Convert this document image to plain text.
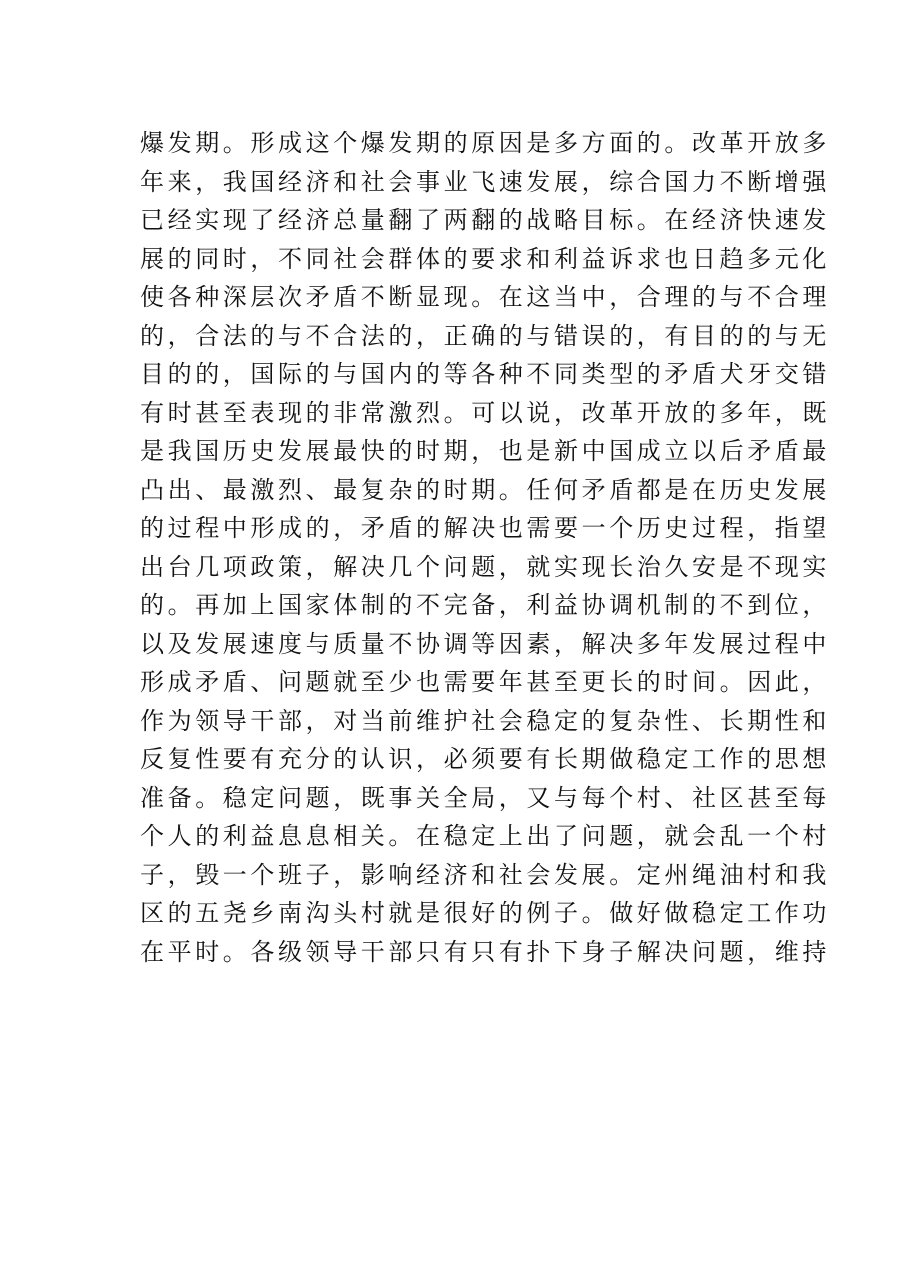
爆发期。形成这个爆发期的原因是多方面的。改革开放多
年来，我国经济和社会事业飞速发展，综合国力不断增强
已经实现了经济总量翻了两翻的战略目标。在经济快速发
展的同时，不同社会群体的要求和利益诉求也日趋多元化
使各种深层次矛盾不断显现。在这当中，合理的与不合理
的，合法的与不合法的，正确的与错误的，有目的的与无
目的的，国际的与国内的等各种不同类型的矛盾犬牙交错
有时甚至表现的非常激烈。可以说，改革开放的多年，既
是我国历史发展最快的时期，也是新中国成立以后矛盾最
凸出、最激烈、最复杂的时期。任何矛盾都是在历史发展
的过程中形成的，矛盾的解决也需要一个历史过程，指望
出台几项政策，解决几个问题，就实现长治久安是不现实
的。再加上国家体制的不完备，利益协调机制的不到位，
以及发展速度与质量不协调等因素，解决多年发展过程中
形成矛盾、问题就至少也需要年甚至更长的时间。因此，
作为领导干部，对当前维护社会稳定的复杂性、长期性和
反复性要有充分的认识，必须要有长期做稳定工作的思想
准备。稳定问题，既事关全局，又与每个村、社区甚至每
个人的利益息息相关。在稳定上出了问题，就会乱一个村
子，毁一个班子，影响经济和社会发展。定州绳油村和我
区的五尧乡南沟头村就是很好的例子。做好做稳定工作功
在平时。各级领导干部只有只有扑下身子解决问题，维持
